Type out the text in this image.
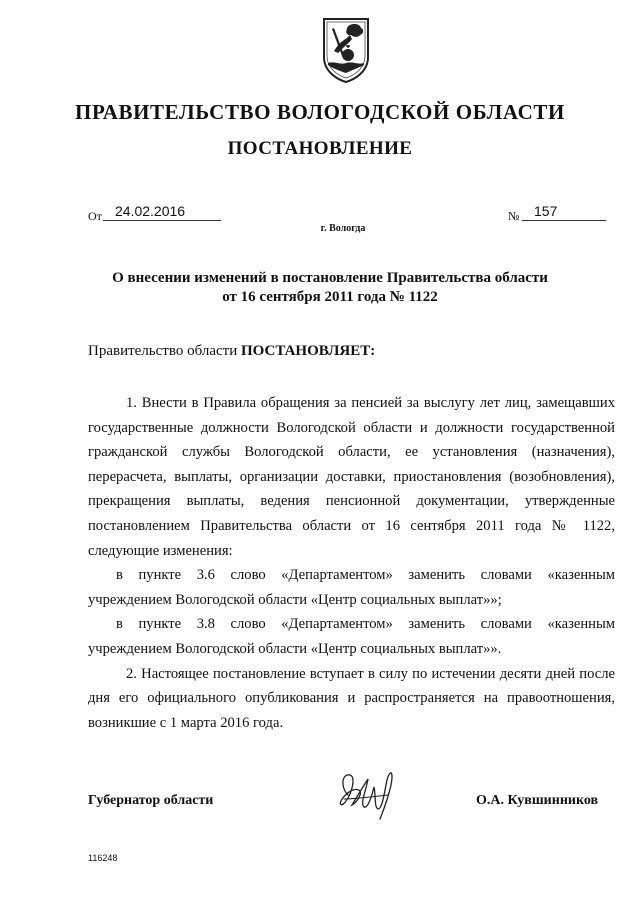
ПРАВИТЕЛЬСТВО ВОЛОГОДСКОЙ ОБЛАСТИ
ПОСТАНОВЛЕНИЕ
От 24.02.2016	№	157
г. Вологда
О внесении изменений в постановление Правительства области
от 16 сентября 2011 года № 1122
Правительство области ПОСТАНОВЛЯЕТ:

1. Внести в Правила обращения за пенсией за выслугу лет лиц, замещавших государственные должности Вологодской области и должности государственной гражданской службы Вологодской области, ее установления (назначения), перерасчета, выплаты, организации доставки, приостановления (возобновления), прекращения выплаты, ведения пенсионной документации, утвержденные постановлением Правительства области от 16 сентября 2011 года № 1122, следующие изменения:

в пункте 3.6 слово «Департаментом» заменить словами «казенным учреждением Вологодской области «Центр социальных выплат»»;

в пункте 3.8 слово «Департаментом» заменить словами «казенным учреждением Вологодской области «Центр социальных выплат»».

2. Настоящее постановление вступает в силу по истечении десяти дней после дня его официального опубликования и распространяется на правоотношения, возникшие с 1 марта 2016 года.

Губернатор области	О.А. Кувшинников
116248
